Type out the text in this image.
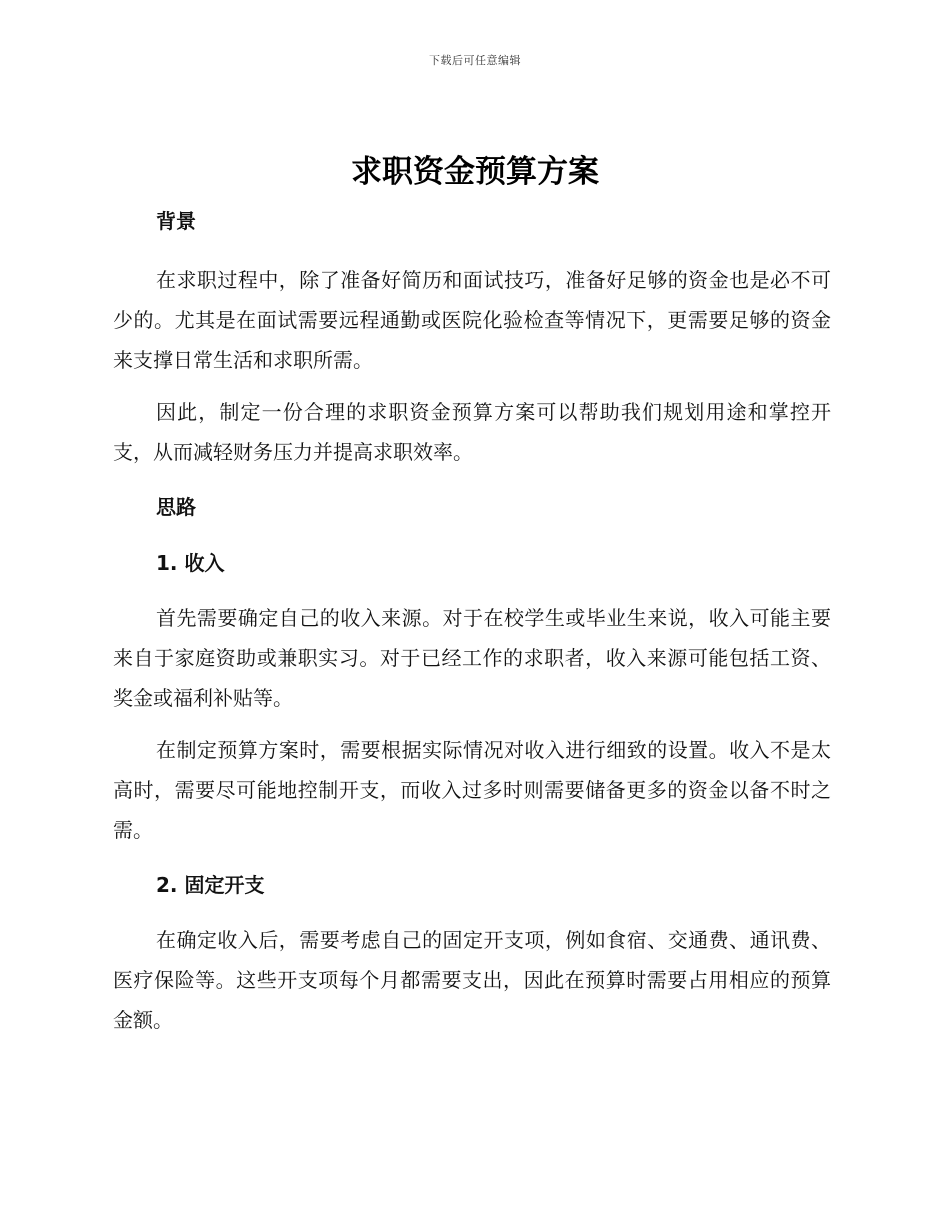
下载后可任意编辑
求职资金预算方案
背景

在求职过程中，除了准备好简历和面试技巧，准备好足够的资金也是必不可少的。尤其是在面试需要远程通勤或医院化验检查等情况下，更需要足够的资金来支撑日常生活和求职所需。

因此，制定一份合理的求职资金预算方案可以帮助我们规划用途和掌控开支，从而减轻财务压力并提高求职效率。

思路
1. 收入

首先需要确定自己的收入来源。对于在校学生或毕业生来说，收入可能主要来自于家庭资助或兼职实习。对于已经工作的求职者，收入来源可能包括工资、奖金或福利补贴等。

在制定预算方案时，需要根据实际情况对收入进行细致的设置。收入不是太高时，需要尽可能地控制开支，而收入过多时则需要储备更多的资金以备不时之需。

2. 固定开支

在确定收入后，需要考虑自己的固定开支项，例如食宿、交通费、通讯费、医疗保险等。这些开支项每个月都需要支出，因此在预算时需要占用相应的预算金额。
